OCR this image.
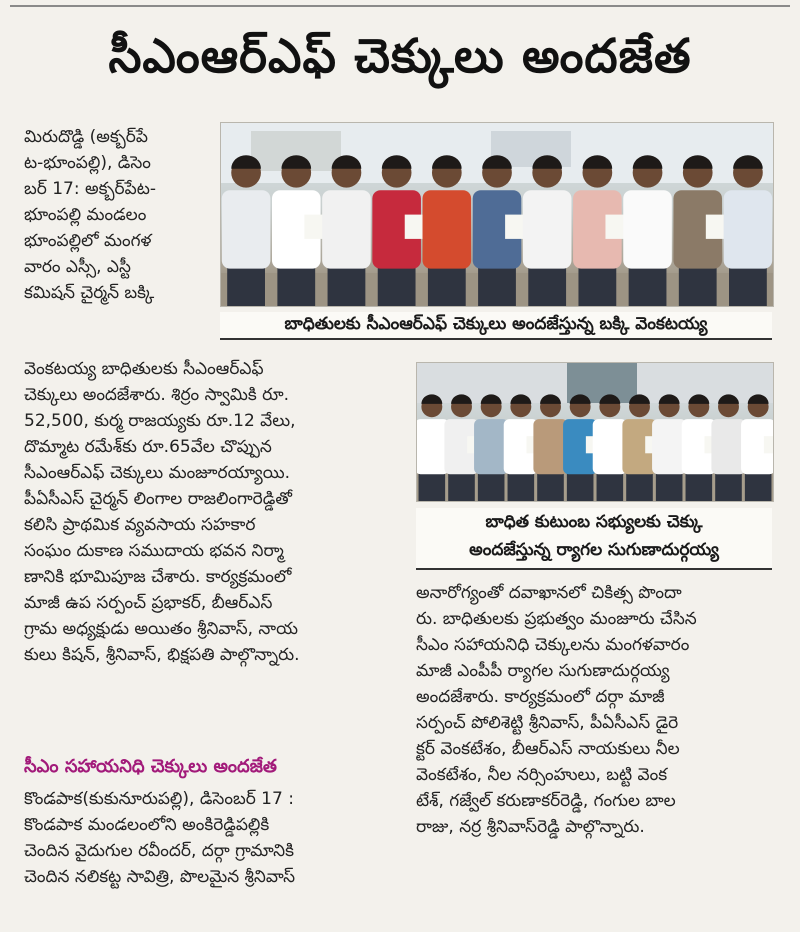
సీఎంఆర్‌ఎఫ్ చెక్కులు అందజేత
బాధితులకు సీఎంఆర్‌ఎఫ్ చెక్కులు అందజేస్తున్న బక్కి వెంకటయ్య
బాధిత కుటుంబ సభ్యులకు చెక్కు
అందజేస్తున్న ర్యాగల సుగుణాదుర్గయ్య
మిరుదొడ్డి (అక్బర్‌పే
ట-భూంపల్లి), డిసెం
బర్ 17: అక్బర్‌పేట-
భూంపల్లి మండలం
భూంపల్లిలో మంగళ
వారం ఎస్సీ, ఎస్టీ
కమిషన్ చైర్మన్ బక్కి
వెంకటయ్య బాధితులకు సీఎంఆర్‌ఎఫ్
చెక్కులు అందజేశారు. శిర్రం స్వామికి రూ.
52,500, కుర్మ రాజయ్యకు రూ.12 వేలు,
దొమ్మాట రమేశ్‌కు రూ.65వేల చొప్పున
సీఎంఆర్‌ఎఫ్ చెక్కులు మంజూరయ్యాయి.
పీఏసీఎస్ చైర్మన్ లింగాల రాజలింగారెడ్డితో
కలిసి ప్రాథమిక వ్యవసాయ సహకార
సంఘం దుకాణ సముదాయ భవన నిర్మా
ణానికి భూమిపూజ చేశారు. కార్యక్రమంలో
మాజీ ఉప సర్పంచ్ ప్రభాకర్, బీఆర్‌ఎస్
గ్రామ అధ్యక్షుడు అయితం శ్రీనివాస్, నాయ
కులు కిషన్, శ్రీనివాస్, భిక్షపతి పాల్గొన్నారు.
సీఎం సహాయనిధి చెక్కులు అందజేత
కొండపాక(కుకునూరుపల్లి), డిసెంబర్ 17 :
కొండపాక మండలంలోని అంకిరెడ్డిపల్లికి
చెందిన వైదుగుల రవీందర్, దర్గా గ్రామానికి
చెందిన నలికట్ట సావిత్రి, పొలమైన శ్రీనివాస్
అనారోగ్యంతో దవాఖానలో చికిత్స పొందా
రు. బాధితులకు ప్రభుత్వం మంజూరు చేసిన
సీఎం సహాయనిధి చెక్కులను మంగళవారం
మాజీ ఎంపీపీ ర్యాగల సుగుణాదుర్గయ్య
అందజేశారు. కార్యక్రమంలో దర్గా మాజీ
సర్పంచ్ పోలిశెట్టి శ్రీనివాస్, పీఏసీఎస్ డైరె
క్టర్ వెంకటేశం, బీఆర్‌ఎస్ నాయకులు నీల
వెంకటేశం, నీల నర్సింహులు, బట్టి వెంక
టేశ్, గజ్వేల్ కరుణాకర్‌రెడ్డి, గంగుల బాల
రాజు, నర్ర శ్రీనివాస్‌రెడ్డి పాల్గొన్నారు.
